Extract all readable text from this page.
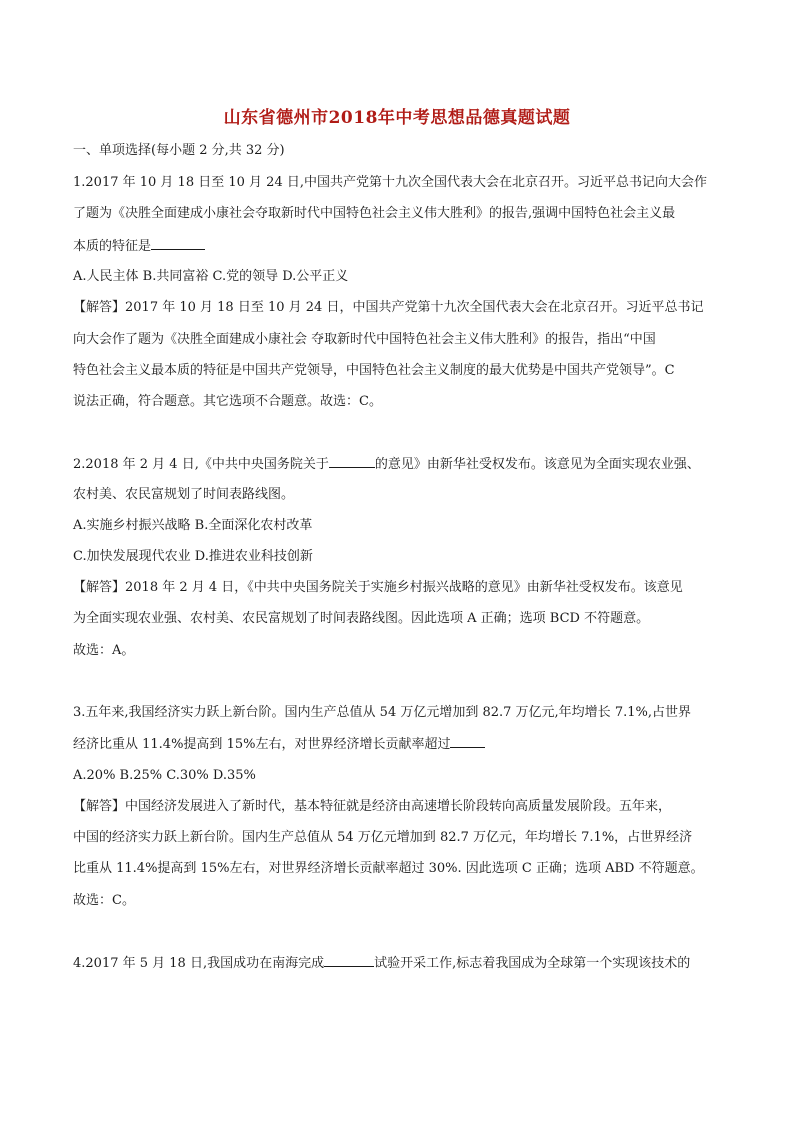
山东省德州市2018年中考思想品德真题试题
一、单项选择(每小题 2 分,共 32 分)
1.2017 年 10 月 18 日至 10 月 24 日,中国共产党第十九次全国代表大会在北京召开。习近平总书记向大会作
了题为《决胜全面建成小康社会夺取新时代中国特色社会主义伟大胜利》的报告,强调中国特色社会主义最
本质的特征是
A.人民主体 B.共同富裕 C.党的领导 D.公平正义
【解答】2017 年 10 月 18 日至 10 月 24 日，中国共产党第十九次全国代表大会在北京召开。习近平总书记
向大会作了题为《决胜全面建成小康社会 夺取新时代中国特色社会主义伟大胜利》的报告，指出“中国
特色社会主义最本质的特征是中国共产党领导，中国特色社会主义制度的最大优势是中国共产党领导”。C
说法正确，符合题意。其它选项不合题意。故选：C。
2.2018 年 2 月 4 日,《中共中央国务院关于	的意见》由新华社受权发布。该意见为全面实现农业强、
农村美、农民富规划了时间表路线图。
A.实施乡村振兴战略 B.全面深化农村改革
C.加快发展现代农业 D.推进农业科技创新
【解答】2018 年 2 月 4 日，《中共中央国务院关于实施乡村振兴战略的意见》由新华社受权发布。该意见
为全面实现农业强、农村美、农民富规划了时间表路线图。因此选项 A 正确；选项 BCD 不符题意。
故选：A。
3.五年来,我国经济实力跃上新台阶。国内生产总值从 54 万亿元增加到 82.7 万亿元,年均增长 7.1%,占世界
经济比重从 11.4%提高到 15%左右，对世界经济增长贡献率超过
A.20% B.25% C.30% D.35%
【解答】中国经济发展进入了新时代，基本特征就是经济由高速增长阶段转向高质量发展阶段。五年来，
中国的经济实力跃上新台阶。国内生产总值从 54 万亿元增加到 82.7 万亿元，年均增长 7.1%，占世界经济
比重从 11.4%提高到 15%左右，对世界经济增长贡献率超过 30%. 因此选项 C 正确；选项 ABD 不符题意。
故选：C。
4.2017 年 5 月 18 日,我国成功在南海完成	试验开采工作,标志着我国成为全球第一个实现该技术的
